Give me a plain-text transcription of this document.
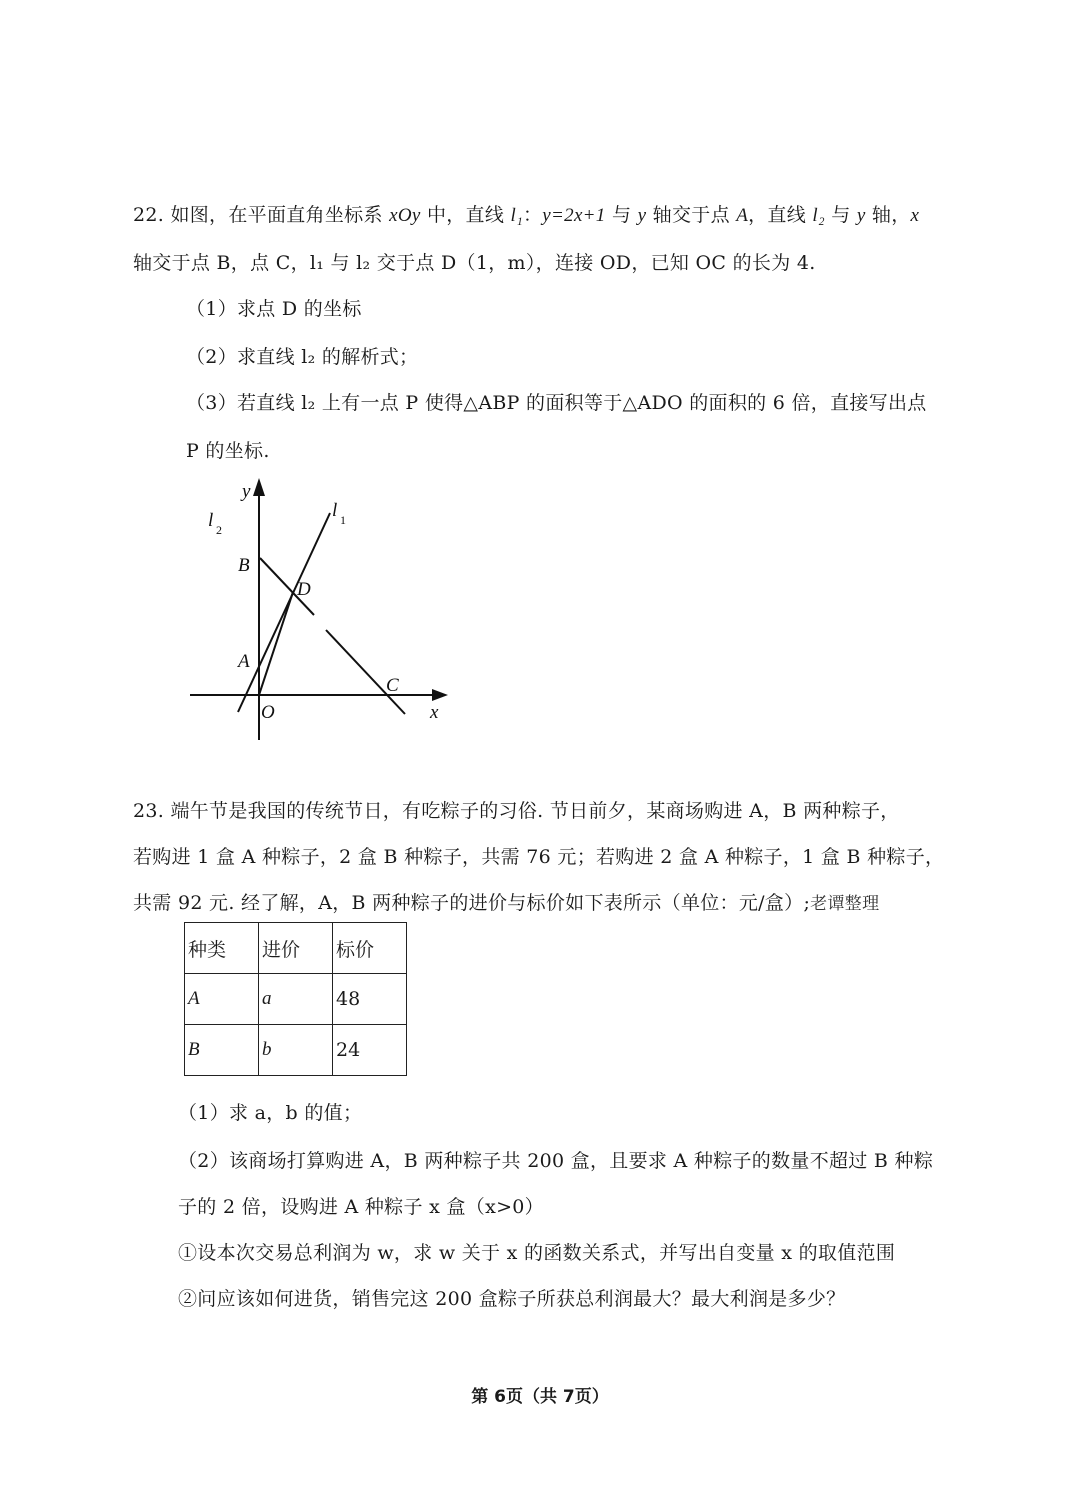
22. 如图，在平面直角坐标系 xOy 中，直线 l₁：y=2x+1 与 y 轴交于点 A，直线 l₂ 与 y 轴，x
轴交于点 B，点 C，l₁ 与 l₂ 交于点 D（1，m），连接 OD，已知 OC 的长为 4.
（1）求点 D 的坐标
（2）求直线 l₂ 的解析式；
（3）若直线 l₂ 上有一点 P 使得△ABP 的面积等于△ADO 的面积的 6 倍，直接写出点
P 的坐标.
y
x
l 1
l 2
B
D
A
C
O
23. 端午节是我国的传统节日，有吃粽子的习俗. 节日前夕，某商场购进 A，B 两种粽子，
若购进 1 盒 A 种粽子，2 盒 B 种粽子，共需 76 元；若购进 2 盒 A 种粽子，1 盒 B 种粽子，
共需 92 元. 经了解，A，B 两种粽子的进价与标价如下表所示（单位：元/盒）;老谭整理
种类	进价	标价
A	a	48
B	b	24
（1）求 a，b 的值；
（2）该商场打算购进 A，B 两种粽子共 200 盒，且要求 A 种粽子的数量不超过 B 种粽
子的 2 倍，设购进 A 种粽子 x 盒（x>0）
①设本次交易总利润为 w，求 w 关于 x 的函数关系式，并写出自变量 x 的取值范围
②问应该如何进货，销售完这 200 盒粽子所获总利润最大？最大利润是多少？
第 6页（共 7页）
